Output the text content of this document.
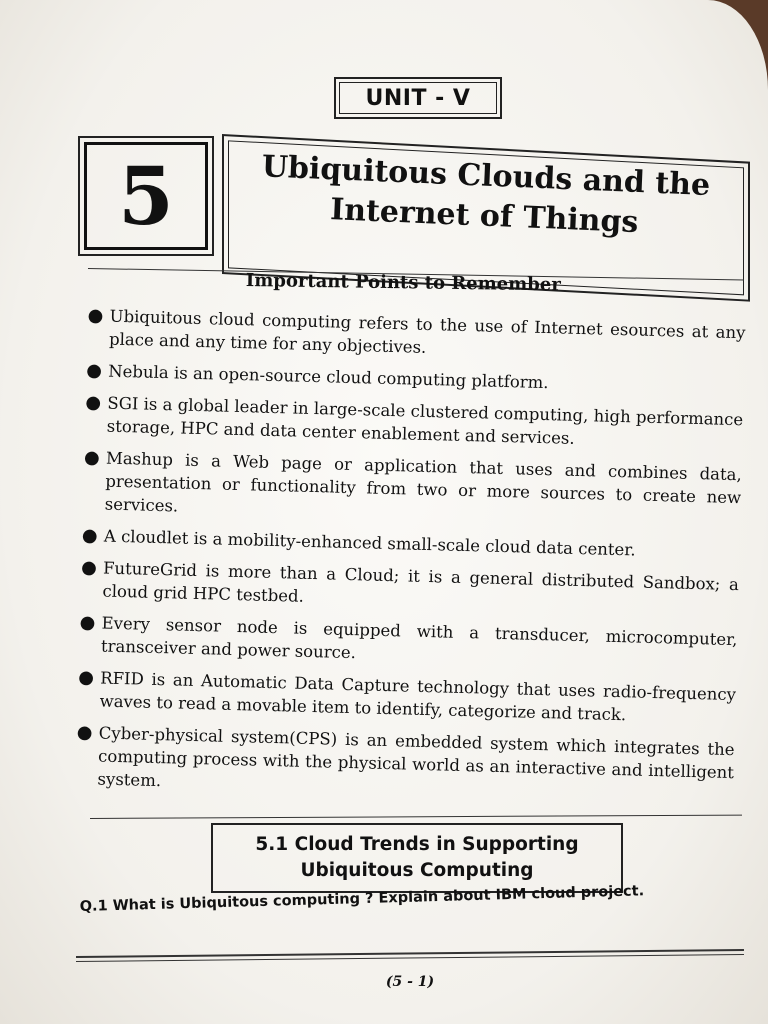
UNIT - V
5	Ubiquitous Clouds and the
Internet of Things
Important Points to Remember
● Ubiquitous cloud computing refers to the use of Internet esources at any place and any time for any objectives.
● Nebula is an open-source cloud computing platform.
● SGI is a global leader in large-scale clustered computing, high performance storage, HPC and data center enablement and services.
● Mashup is a Web page or application that uses and combines data, presentation or functionality from two or more sources to create new services.
● A cloudlet is a mobility-enhanced small-scale cloud data center.
● FutureGrid is more than a Cloud; it is a general distributed Sandbox; a cloud grid HPC testbed.
● Every sensor node is equipped with a transducer, microcomputer, transceiver and power source.
● RFID is an Automatic Data Capture technology that uses radio-frequency waves to read a movable item to identify, categorize and track.
● Cyber-physical system(CPS) is an embedded system which integrates the computing process with the physical world as an interactive and intelligent system.
5.1 Cloud Trends in Supporting
Ubiquitous Computing
Q.1 What is Ubiquitous computing ? Explain about IBM cloud project.
(5 - 1)
